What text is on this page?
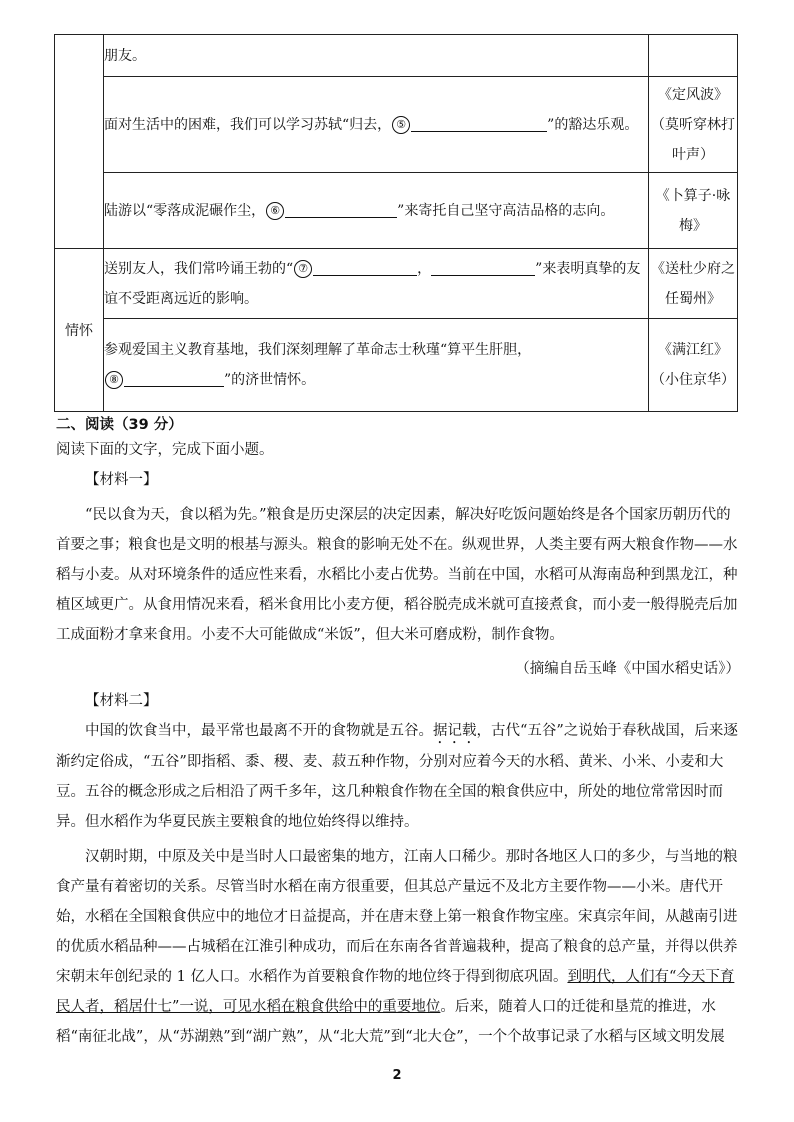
	朋友。	
	面对生活中的困难，我们可以学习苏轼“归去， ⑤ ”的豁达乐观。	《定风波》（莫听穿林打叶声）
	陆游以“零落成泥碾作尘， ⑥ ”来寄托自己坚守高洁品格的志向。	《卜算子·咏梅》
情怀	送别友人，我们常吟诵王勃的“ ⑦ ， ”来表明真挚的友谊不受距离远近的影响。	《送杜少府之任蜀州》
	参观爱国主义教育基地，我们深刻理解了革命志士秋瑾“算平生肝胆，
⑧ ”的济世情怀。	《满江红》（小住京华）
二、阅读（39 分）
阅读下面的文字，完成下面小题。
【材料一】
“民以食为天，食以稻为先。”粮食是历史深层的决定因素，解决好吃饭问题始终是各个国家历朝历代的首要之事；粮食也是文明的根基与源头。粮食的影响无处不在。纵观世界，人类主要有两大粮食作物——水稻与小麦。从对环境条件的适应性来看，水稻比小麦占优势。当前在中国，水稻可从海南岛种到黑龙江，种植区域更广。从食用情况来看，稻米食用比小麦方便，稻谷脱壳成米就可直接煮食，而小麦一般得脱壳后加工成面粉才拿来食用。小麦不大可能做成“米饭”，但大米可磨成粉，制作食物。
（摘编自岳玉峰《中国水稻史话》）
【材料二】
中国的饮食当中，最平常也最离不开的食物就是五谷。据记载，古代“五谷”之说始于春秋战国，后来逐渐约定俗成，“五谷”即指稻、黍、稷、麦、菽五种作物，分别对应着今天的水稻、黄米、小米、小麦和大豆。五谷的概念形成之后相沿了两千多年，这几种粮食作物在全国的粮食供应中，所处的地位常常因时而异。但水稻作为华夏民族主要粮食的地位始终得以维持。
汉朝时期，中原及关中是当时人口最密集的地方，江南人口稀少。那时各地区人口的多少，与当地的粮食产量有着密切的关系。尽管当时水稻在南方很重要，但其总产量远不及北方主要作物——小米。唐代开始，水稻在全国粮食供应中的地位才日益提高，并在唐末登上第一粮食作物宝座。宋真宗年间，从越南引进的优质水稻品种——占城稻在江淮引种成功，而后在东南各省普遍栽种，提高了粮食的总产量，并得以供养宋朝末年创纪录的 1 亿人口。水稻作为首要粮食作物的地位终于得到彻底巩固。到明代，人们有“今天下育民人者，稻居什七”一说，可见水稻在粮食供给中的重要地位。后来，随着人口的迁徙和垦荒的推进，水稻“南征北战”，从“苏湖熟”到“湖广熟”，从“北大荒”到“北大仓”，一个个故事记录了水稻与区域文明发展
2
